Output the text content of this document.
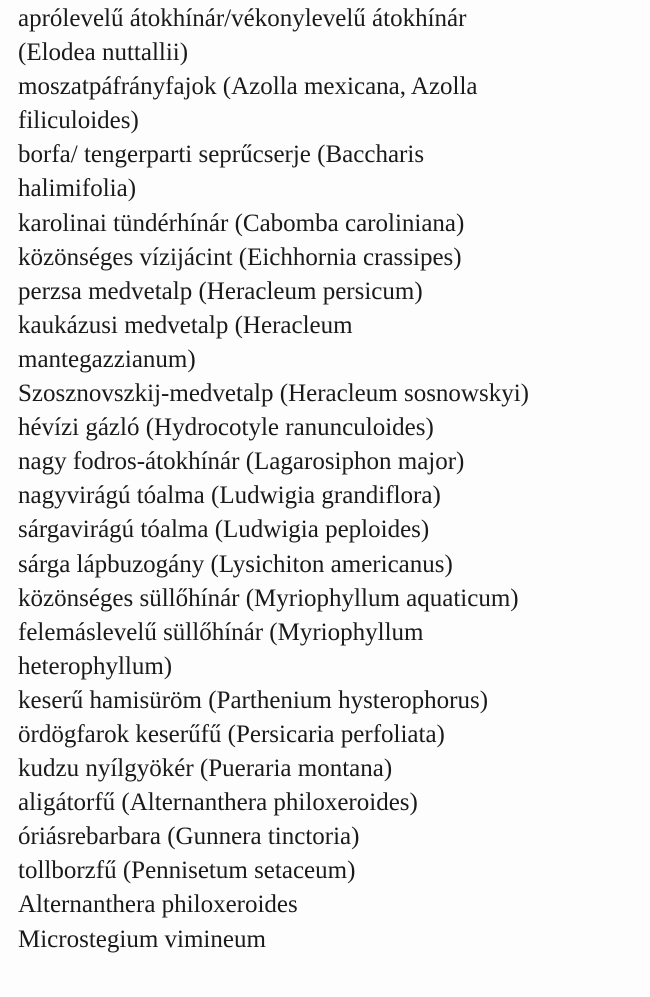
aprólevelű átokhínár/vékonylevelű átokhínár
(Elodea nuttallii)
moszatpáfrányfajok (Azolla mexicana, Azolla
filiculoides)
borfa/ tengerparti seprűcserje (Baccharis
halimifolia)
karolinai tündérhínár (Cabomba caroliniana)
közönséges vízijácint (Eichhornia crassipes)
perzsa medvetalp (Heracleum persicum)
kaukázusi medvetalp (Heracleum
mantegazzianum)
Szosznovszkij-medvetalp (Heracleum sosnowskyi)
hévízi gázló (Hydrocotyle ranunculoides)
nagy fodros-átokhínár (Lagarosiphon major)
nagyvirágú tóalma (Ludwigia grandiflora)
sárgavirágú tóalma (Ludwigia peploides)
sárga lápbuzogány (Lysichiton americanus)
közönséges süllőhínár (Myriophyllum aquaticum)
felemáslevelű süllőhínár (Myriophyllum
heterophyllum)
keserű hamisüröm (Parthenium hysterophorus)
ördögfarok keserűfű (Persicaria perfoliata)
kudzu nyílgyökér (Pueraria montana)
aligátorfű (Alternanthera philoxeroides)
óriásrebarbara (Gunnera tinctoria)
tollborzfű (Pennisetum setaceum)
Alternanthera philoxeroides
Microstegium vimineum
